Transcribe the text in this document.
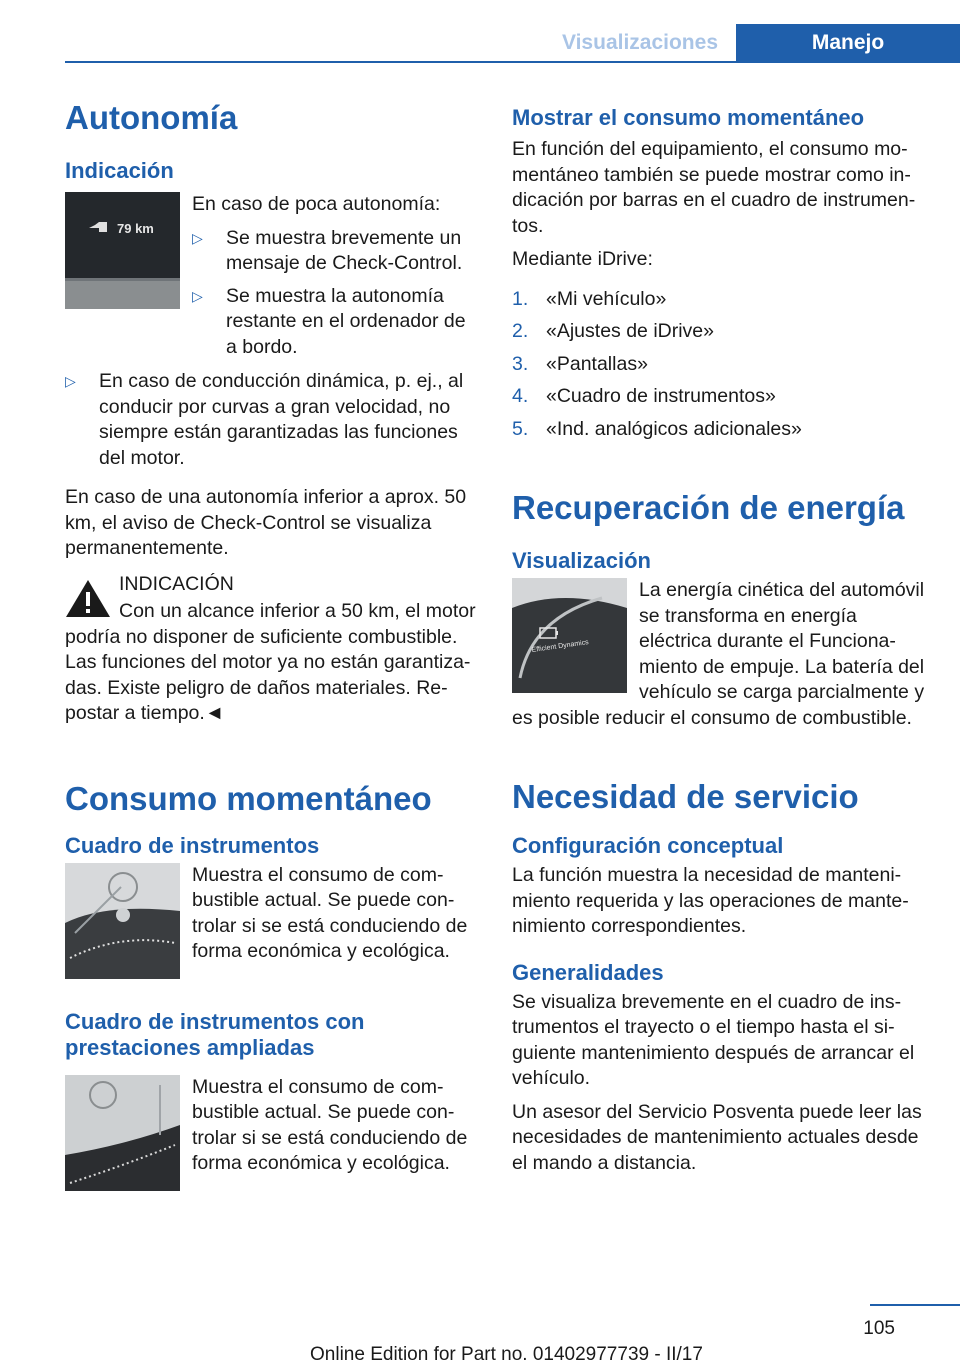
Visualizaciones	Manejo
Autonomía
Indicación
79 km

En caso de poca autonomía:

▷ Se muestra brevemente un mensaje de Check-Control.
▷ Se muestra la autonomía restante en el ordenador de a bordo.
▷ En caso de conducción dinámica, p. ej., al conducir por curvas a gran velocidad, no siempre están garantizadas las funciones del motor.

En caso de una autonomía inferior a aprox. 50 km, el aviso de Check-Control se visualiza permanentemente.

INDICACIÓN

Con un alcance inferior a 50 km, el motor podría no disponer de suficiente combustible. Las funciones del motor ya no están garantizadas. Existe peligro de daños materiales. Repostar a tiempo.◄

Consumo momentáneo
Cuadro de instrumentos

Muestra el consumo de combustible actual. Se puede controlar si se está conduciendo de forma económica y ecológica.

Cuadro de instrumentos con prestaciones ampliadas

Muestra el consumo de combustible actual. Se puede controlar si se está conduciendo de forma económica y ecológica.

Mostrar el consumo momentáneo

En función del equipamiento, el consumo momentáneo también se puede mostrar como indicación por barras en el cuadro de instrumentos.

Mediante iDrive:

1. «Mi vehículo»
2. «Ajustes de iDrive»
3. «Pantallas»
4. «Cuadro de instrumentos»
5. «Ind. analógicos adicionales»
Recuperación de energía
Visualización
Efficient Dynamics

La energía cinética del automóvil se transforma en energía eléctrica durante el Funcionamiento de empuje. La batería del vehículo se carga parcialmente y es posible reducir el consumo de combustible.

Necesidad de servicio
Configuración conceptual

La función muestra la necesidad de mantenimiento requerida y las operaciones de mantenimiento correspondientes.

Generalidades

Se visualiza brevemente en el cuadro de instrumentos el trayecto o el tiempo hasta el siguiente mantenimiento después de arrancar el vehículo.

Un asesor del Servicio Posventa puede leer las necesidades de mantenimiento actuales desde el mando a distancia.

105
Online Edition for Part no. 01402977739 - II/17
